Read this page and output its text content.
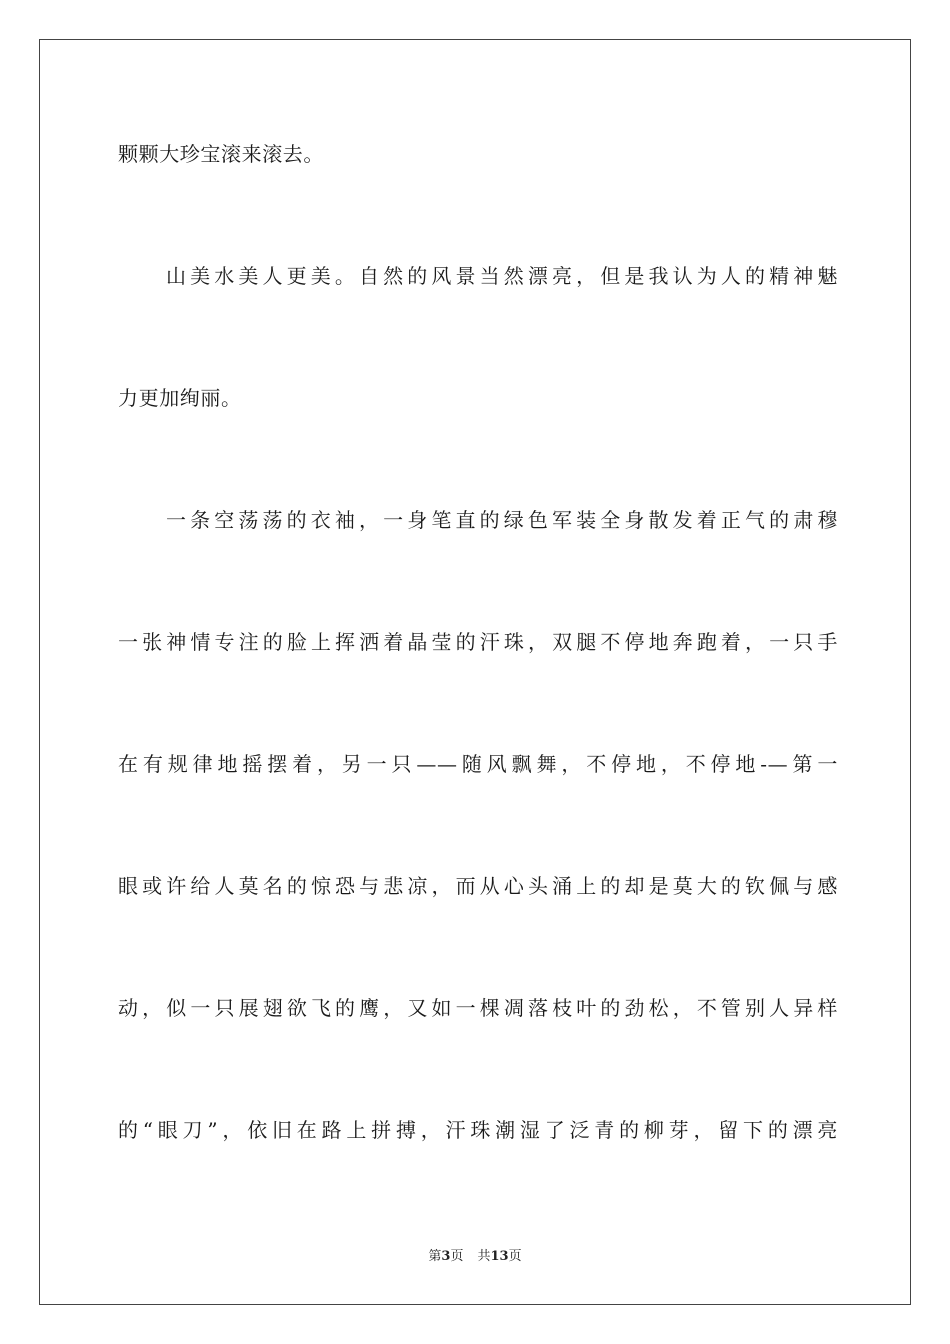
颗颗大珍宝滚来滚去。
山美水美人更美。自然的风景当然漂亮，但是我认为人的精神魅
力更加绚丽。
一条空荡荡的衣袖，一身笔直的绿色军装全身散发着正气的肃穆
一张神情专注的脸上挥洒着晶莹的汗珠，双腿不停地奔跑着，一只手
在有规律地摇摆着，另一只——随风飘舞，不停地，不停地-—第一
眼或许给人莫名的惊恐与悲凉，而从心头涌上的却是莫大的钦佩与感
动，似一只展翅欲飞的鹰，又如一棵凋落枝叶的劲松，不管别人异样
的“眼刀”，依旧在路上拼搏，汗珠潮湿了泛青的柳芽，留下的漂亮
第3页 共13页
